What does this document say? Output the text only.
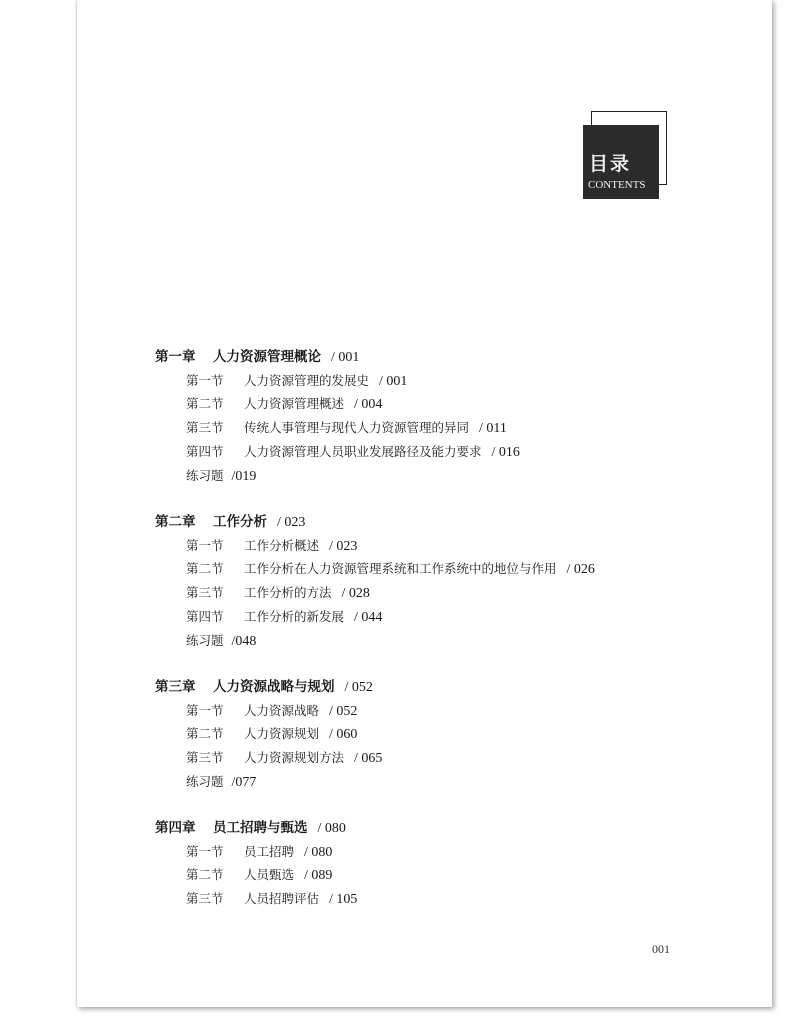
目录
CONTENTS
第一章 人力资源管理概论 / 001
第一节 人力资源管理的发展史 / 001
第二节 人力资源管理概述 / 004
第三节 传统人事管理与现代人力资源管理的异同 / 011
第四节 人力资源管理人员职业发展路径及能力要求 / 016
练习题 /019
第二章 工作分析 / 023
第一节 工作分析概述 / 023
第二节 工作分析在人力资源管理系统和工作系统中的地位与作用 / 026
第三节 工作分析的方法 / 028
第四节 工作分析的新发展 / 044
练习题 /048
第三章 人力资源战略与规划 / 052
第一节 人力资源战略 / 052
第二节 人力资源规划 / 060
第三节 人力资源规划方法 / 065
练习题 /077
第四章 员工招聘与甄选 / 080
第一节 员工招聘 / 080
第二节 人员甄选 / 089
第三节 人员招聘评估 / 105
001
